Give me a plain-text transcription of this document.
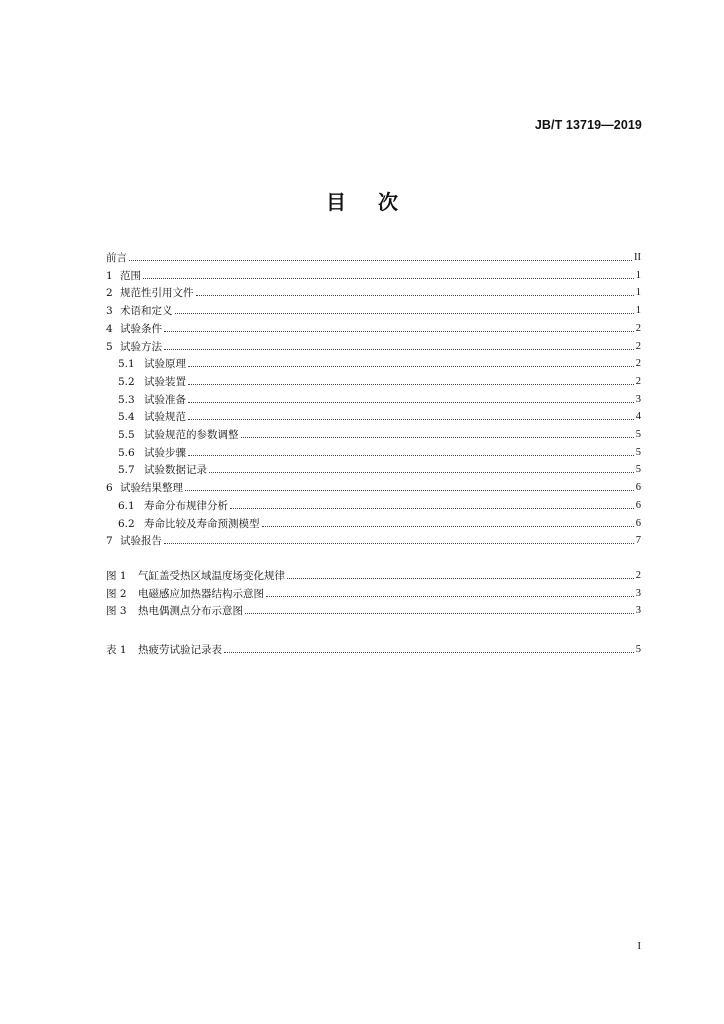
JB/T 13719—2019
目 次
前言	II
1 范围	1
2 规范性引用文件	1
3 术语和定义	1
4 试验条件	2
5 试验方法	2
5.1 试验原理	2
5.2 试验装置	2
5.3 试验准备	3
5.4 试验规范	4
5.5 试验规范的参数调整	5
5.6 试验步骤	5
5.7 试验数据记录	5
6 试验结果整理	6
6.1 寿命分布规律分析	6
6.2 寿命比较及寿命预测模型	6
7 试验报告	7
图 1	气缸盖受热区域温度场变化规律	2
图 2	电磁感应加热器结构示意图	3
图 3	热电偶测点分布示意图	3
表 1	热疲劳试验记录表	5
I
